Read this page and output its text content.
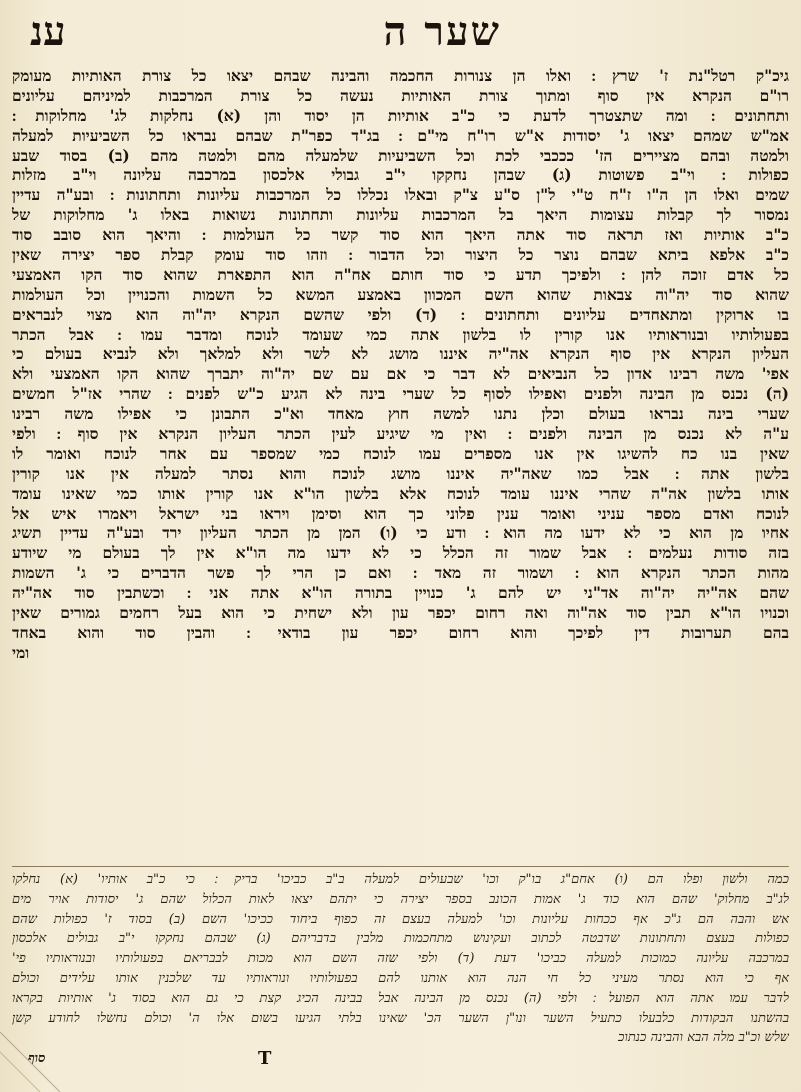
שער ה
ענ
גיכ"ק רטל"נת ז' שרץ ׃ ואלו הן צנורות החכמה והבינה שבהם יצאו כל צורת האותיות מעומק
רו"ם הנקרא אין סוף ומתוך צורת האותיות נעשה כל צורת המרכבות למיניהם עליונים
ותחתונים ׃ ומה שתצטרך לדעת כי כ"ב אותיות הן יסוד והן (א) נחלקות לג' מחלוקות ׃
אמ"ש שמהם יצאו ג' יסודות א"ש רו"ח מי"ם ׃ בג"ד כפר"ת שבהם נבראו כל השביעיות למעלה
ולמטה ובהם מציירים הז' כככבי לכת וכל השביעיות שלמעלה מהם ולמטה מהם (ב) בסוד שבע
כפולות ׃ וי"ב פשוטות (ג) שבהן נחקקו י"ב גבולי אלכסון במרכבה עליונה וי"ב מזלות
שמים ואלו הן ה"ו ז"ח ט"י ל"ן ס"ע צ"ק ובאלו נכללו כל המרכבות עליונות ותחתונות ׃ ובע"ה עדיין
נמסור לך קבלות עצומות היאך בל המרכבות עליונות ותחתונות נשואות באלו ג' מחלוקות של
כ"ב אותיות ואז תראה סוד אתה היאך הוא סוד קשר כל העולמות ׃ והיאך הוא סובב סוד
כ"ב אלפא ביתא שבהם נוצר כל היצור וכל הדבור ׃ וזהו סוד עומק קבלת ספר יצירה שאין
כל אדם זוכה להן ׃ ולפיכך תדע כי סוד חותם אח"ה הוא התפארת שהוא סוד הקו האמצעי
שהוא סוד יה"וה צבאות שהוא השם המכוון באמצע המשא כל השמות והכנויין וכל העולמות
בו ארוקין ומתאחדים עליונים ותחתונים ׃ (ד) ולפי שהשם הנקרא יה"וה הוא מצוי לנבראים
בפעולותיו ובנוראותיו אנו קורין לו בלשון אתה כמי שעומד לנוכח ומדבר עמו ׃ אבל הכתר
העליון הנקרא אין סוף הנקרא אה"יה איננו מושג לא לשר ולא למלאך ולא לנביא בעולם כי
אפי' משה רבינו אדון כל הנביאים לא דבר כי אם עם שם יה"וה יתברך שהוא הקו האמצעי ולא
(ה) נכנס מן הבינה ולפנים ואפילו לסוף כל שערי בינה לא הגיע כ"ש לפנים ׃ שהרי אז"ל חמשים
שערי בינה נבראו בעולם וכלן נתנו למשה חוץ מאחד וא"כ התבונן כי אפילו משה רבינו
ע"ה לא נכנס מן הבינה ולפנים ׃ ואין מי שיגיע לעין הכתר העליון הנקרא אין סוף ׃ ולפי
שאין בנו כח להשיגו אין אנו מספרים עמו לנוכח כמי שמספר עם אחר לנוכח ואומר לו
בלשון אתה ׃ אבל כמו שאה"יה איננו מושג לנוכח והוא נסתר למעלה אין אנו קורין
אותו בלשון אה"ה שהרי איננו עומד לנוכח אלא בלשון הו"א אנו קורין אותו כמי שאינו עומד
לנוכח ואדם מספר עניני ואומר ענין פלוני כך הוא וסימן ויראו בני ישראל ויאמרו איש אל
אחיו מן הוא כי לא ידעו מה הוא ׃ ודע כי (ו) המן מן הכתר העליון ירד ובע"ה עדיין תשיג
בזה סודות נעלמים ׃ אבל שמור זה הכלל כי לא ידעו מה הו"א אין לך בעולם מי שיודע
מהות הכתר הנקרא הוא ׃ ושמור זה מאד ׃ ואם כן הרי לך פשר הדברים כי ג' השמות
שהם אה"יה יה"וה אד"ני יש להם ג' כנויין בתורה הו"א אתה אני ׃ וכשתבין סוד אה"יה
וכנויו הו"א תבין סוד אה"וה ואה רחום יכפר עון ולא ישחית כי הוא בעל רחמים גמורים שאין
בהם תערובות דין לפיכך והוא רחום יכפר עון בודאי ׃ והבין סוד והוא באחד
ומי
כמה ולשון ופלו הם (ו) אחם"ג בו"ק וכו' שבעולים למעלה ב"ב כביכו' בריק ׃ כי כ"ב אותיו' (א) נחלקו
לג"ב מחלוק' שהם הוא כוד ג' אמות הכונב בספר יצירה כי יתהם יצאו לאות הכלול שהם ג' יסודות אויר מים
אש והבה הם ג"כ אף ככחות עליונות וכו' למעלה בעצם זה כפוף ביחוד ככיכו' השם (ב) בסוד ז' כפולות שהם
כפולות בעצם ותחתונות שדבטה לכתוב ועקינוש מתחכמות מלבין בדבריהם (ג) שבהם נחקקו י"ב גבולים אלכסון
במרכבה עליונה כמוכות למעלה כביכו' דעת (ד) ולפי שזה השם הוא מכות לבבריאם בפעולותיו ובנוראותיו פי'
אף כי הוא נסתר מעיני כל חי הנה הוא אותנו להם בפעולותיו ונוראותיו עד שלכנין אותו עלידים וכולם
לדבר עמו אתה הוא הפועל ׃ ולפי (ה) נכנס מן הבינה אבל בבינה הכיג קצת כי גם הוא בסוד ג' אותיות בקראו
בהשתנו הבקודות כלבעלו כתעיל השער ונו"ן השער הכ' שאינו בלתי הגיעו בשום אלו ה' וכולם נחשלו לחודע קשן
שלש וכ"ב מלה הבא והבינה כנתוכ
T
סוף
